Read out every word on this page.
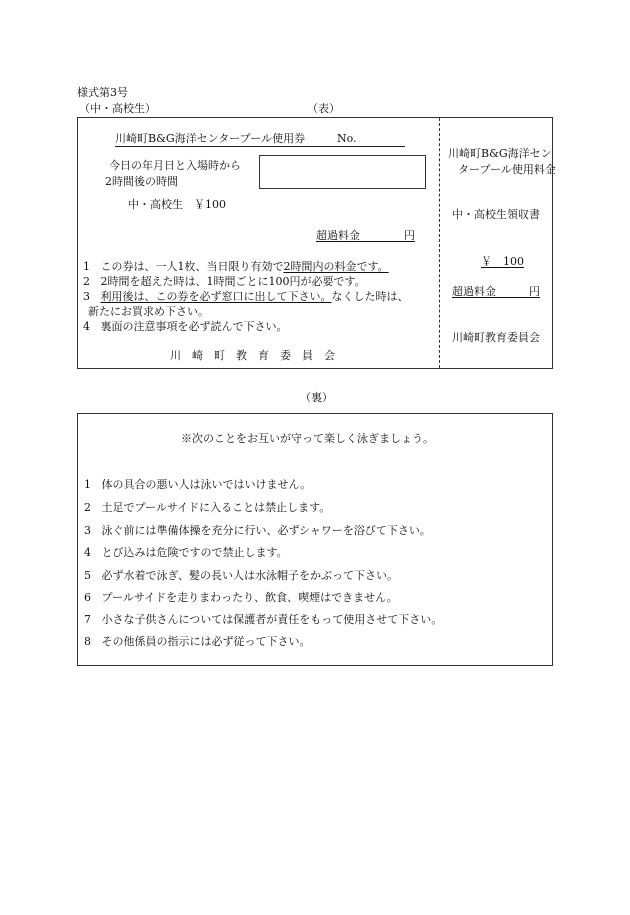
様式第3号
（中・高校生）	（表）
川崎町B&G海洋センタープール使用券	No.
今日の年月日と入場時から
2時間後の時間
中・高校生　￥100
超過料金　　　　円
1 この券は、一人1枚、当日限り有効で2時間内の料金です。
2 2時間を超えた時は、1時間ごとに100円が必要です。
3 利用後は、この券を必ず窓口に出して下さい。なくした時は、
新たにお買求め下さい。
4 裏面の注意事項を必ず読んで下さい。
川　崎　町　教　育　委　員　会
川崎町B&G海洋セン
タープール使用料金
中・高校生領収書
￥　100
超過料金　　　円
川崎町教育委員会
（裏）
※次のことをお互いが守って楽しく泳ぎましょう。
1 体の具合の悪い人は泳いではいけません。
2 土足でプールサイドに入ることは禁止します。
3 泳ぐ前には準備体操を充分に行い、必ずシャワーを浴びて下さい。
4 とび込みは危険ですので禁止します。
5 必ず水着で泳ぎ、髪の長い人は水泳帽子をかぶって下さい。
6 プールサイドを走りまわったり、飲食、喫煙はできません。
7 小さな子供さんについては保護者が責任をもって使用させて下さい。
8 その他係員の指示には必ず従って下さい。
